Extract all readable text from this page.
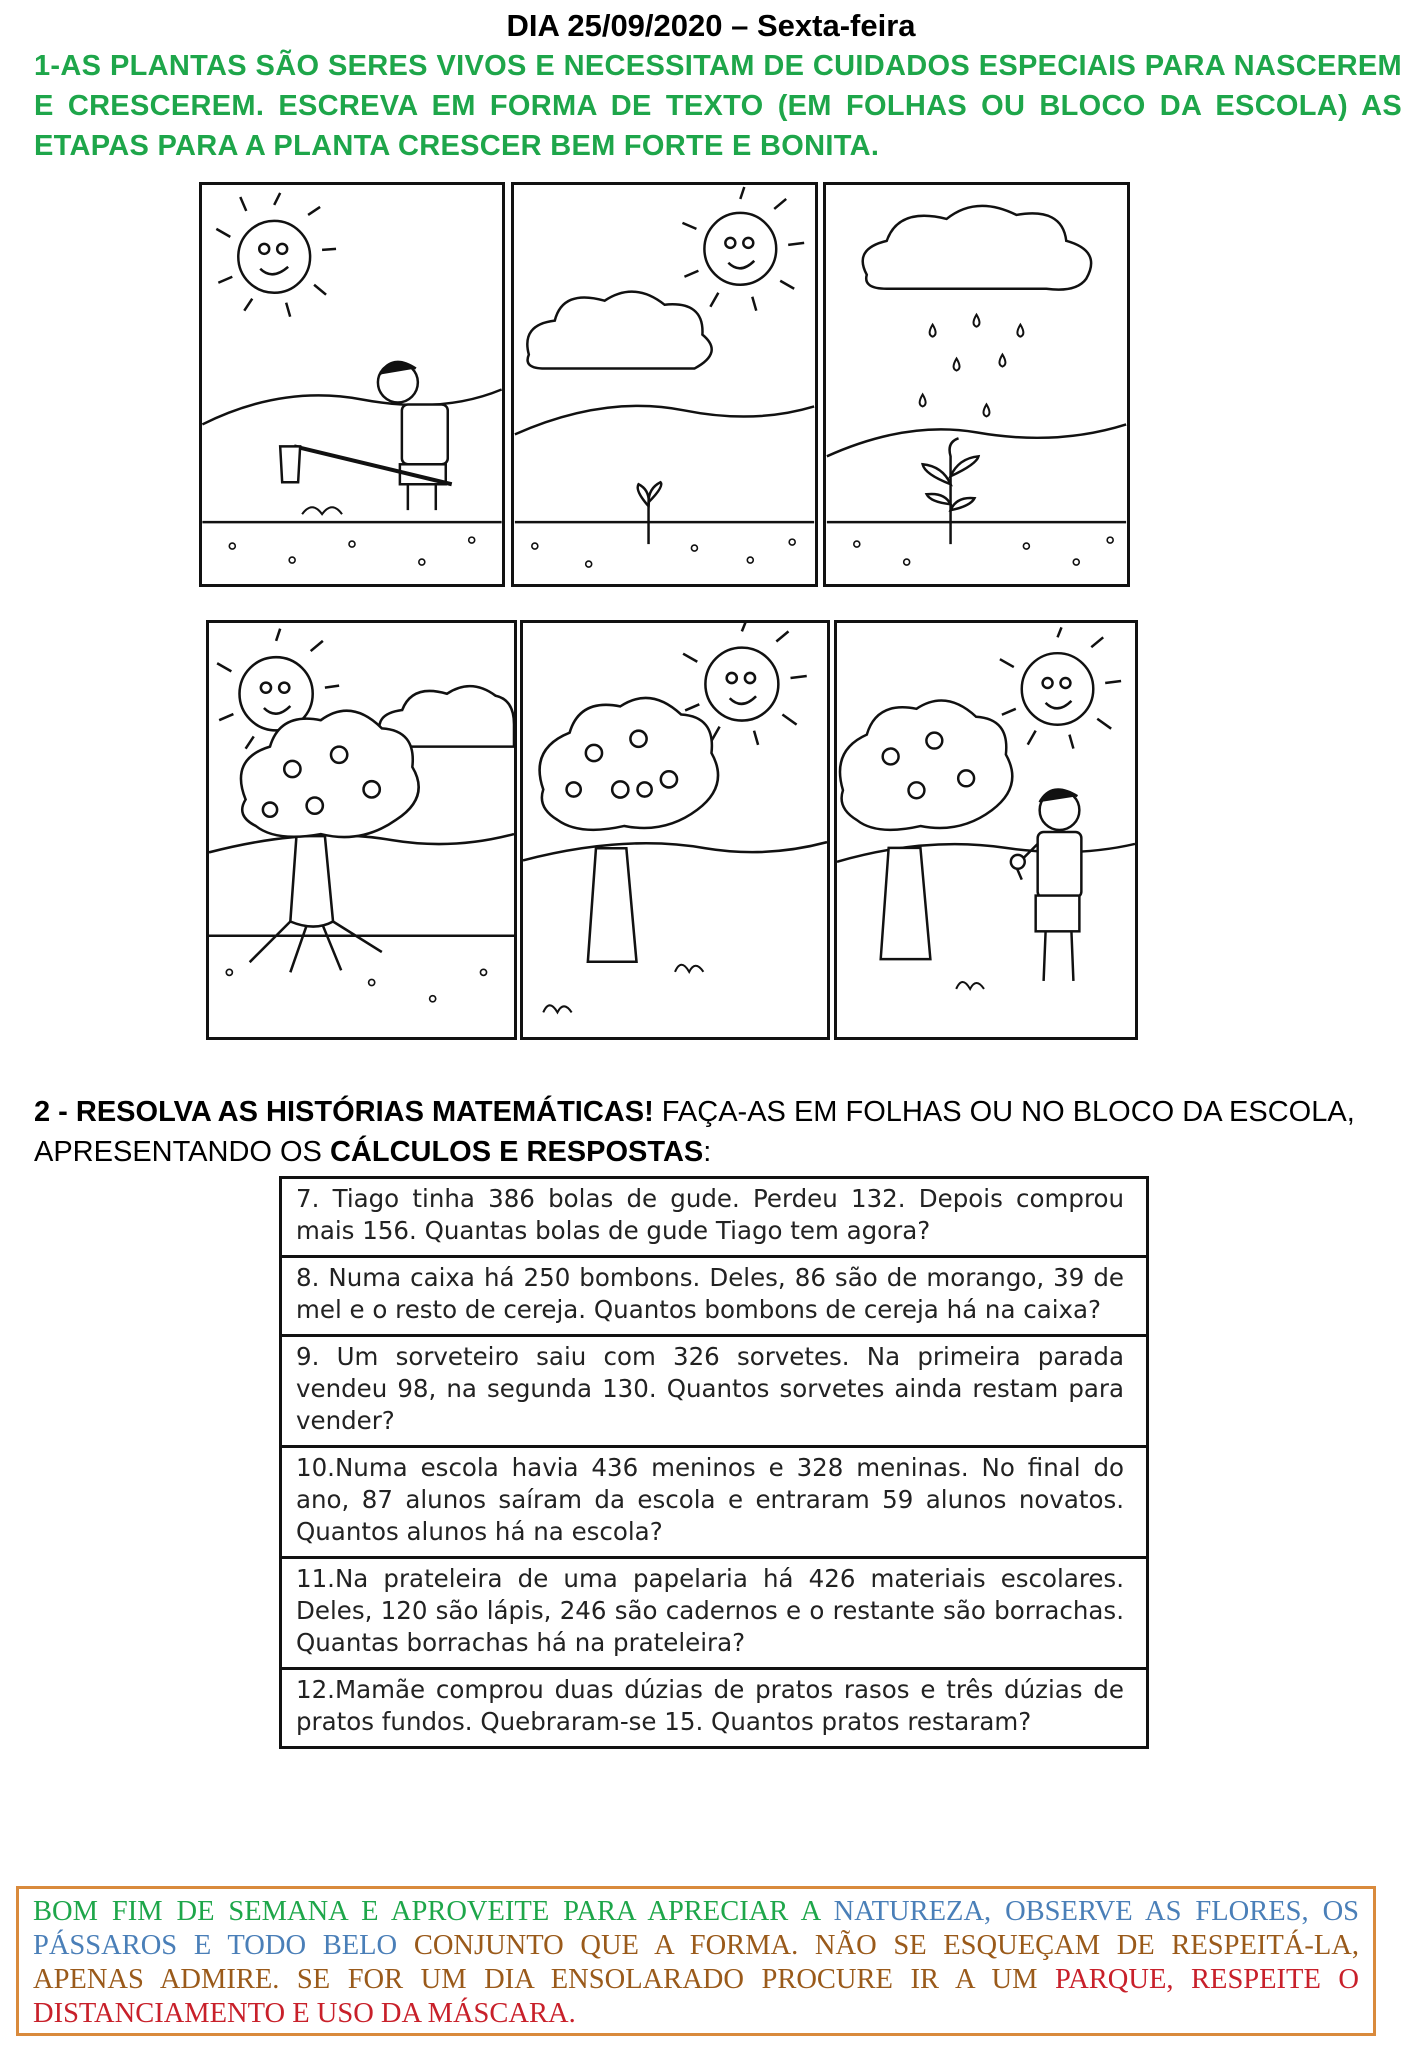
DIA 25/09/2020 – Sexta-feira
1-AS PLANTAS SÃO SERES VIVOS E NECESSITAM DE CUIDADOS ESPECIAIS PARA NASCEREM E CRESCEREM. ESCREVA EM FORMA DE TEXTO (EM FOLHAS OU BLOCO DA ESCOLA) AS ETAPAS PARA A PLANTA CRESCER BEM FORTE E BONITA.
2 - RESOLVA AS HISTÓRIAS MATEMÁTICAS! FAÇA-AS EM FOLHAS OU NO BLOCO DA ESCOLA, APRESENTANDO OS CÁLCULOS E RESPOSTAS:
7. Tiago tinha 386 bolas de gude. Perdeu 132. Depois comprou mais 156. Quantas bolas de gude Tiago tem agora?
8. Numa caixa há 250 bombons. Deles, 86 são de morango, 39 de mel e o resto de cereja. Quantos bombons de cereja há na caixa?
9. Um sorveteiro saiu com 326 sorvetes. Na primeira parada vendeu 98, na segunda 130. Quantos sorvetes ainda restam para vender?
10.Numa escola havia 436 meninos e 328 meninas. No final do ano, 87 alunos saíram da escola e entraram 59 alunos novatos. Quantos alunos há na escola?
11.Na prateleira de uma papelaria há 426 materiais escolares. Deles, 120 são lápis, 246 são cadernos e o restante são borrachas. Quantas borrachas há na prateleira?
12.Mamãe comprou duas dúzias de pratos rasos e três dúzias de pratos fundos. Quebraram-se 15. Quantos pratos restaram?
BOM FIM DE SEMANA E APROVEITE PARA APRECIAR A NATUREZA, OBSERVE AS FLORES, OS PÁSSAROS E TODO BELO CONJUNTO QUE A FORMA. NÃO SE ESQUEÇAM DE RESPEITÁ-LA, APENAS ADMIRE. SE FOR UM DIA ENSOLARADO PROCURE IR A UM PARQUE, RESPEITE O DISTANCIAMENTO E USO DA MÁSCARA.
